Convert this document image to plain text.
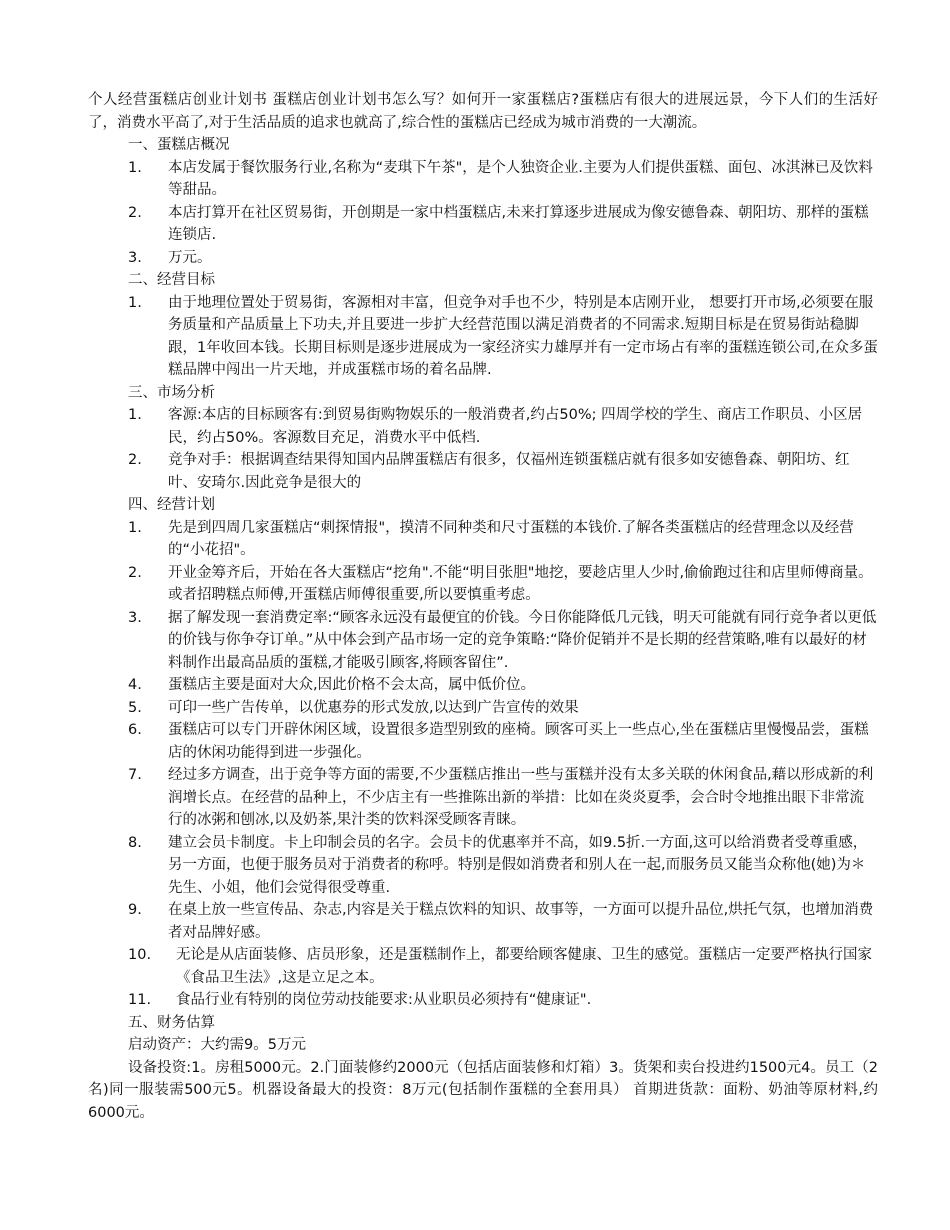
个人经营蛋糕店创业计划书 蛋糕店创业计划书怎么写？如何开一家蛋糕店?蛋糕店有很大的进展远景，今下人们的生活好了，消费水平高了,对于生活品质的追求也就高了,综合性的蛋糕店已经成为城市消费的一大潮流。

一、蛋糕店概况

1.	本店发属于餐饮服务行业,名称为“麦琪下午茶"，是个人独资企业.主要为人们提供蛋糕、面包、冰淇淋已及饮料等甜品。
2.	本店打算开在社区贸易街，开创期是一家中档蛋糕店,未来打算逐步进展成为像安德鲁森、朝阳坊、那样的蛋糕连锁店.
3.	万元。

二、经营目标

1.	由于地理位置处于贸易街，客源相对丰富，但竞争对手也不少，特别是本店刚开业， 想要打开市场,必须要在服务质量和产品质量上下功夫,并且要进一步扩大经营范围以满足消费者的不同需求.短期目标是在贸易街站稳脚跟，1年收回本钱。长期目标则是逐步进展成为一家经济实力雄厚并有一定市场占有率的蛋糕连锁公司,在众多蛋糕品牌中闯出一片天地，并成蛋糕市场的着名品牌.

三、市场分析

1.	客源:本店的目标顾客有:到贸易街购物娱乐的一般消费者,约占50%; 四周学校的学生、商店工作职员、小区居民，约占50%。客源数目充足，消费水平中低档.
2.	竞争对手：根据调查结果得知国内品牌蛋糕店有很多，仅福州连锁蛋糕店就有很多如安德鲁森、朝阳坊、红叶、安琦尔.因此竞争是很大的

四、经营计划

1.	先是到四周几家蛋糕店“刺探情报"，摸清不同种类和尺寸蛋糕的本钱价.了解各类蛋糕店的经营理念以及经营的“小花招"。
2.	开业金筹齐后，开始在各大蛋糕店“挖角".不能“明目张胆"地挖，要趁店里人少时,偷偷跑过往和店里师傅商量。或者招聘糕点师傅,开蛋糕店师傅很重要,所以要慎重考虑。
3.	据了解发现一套消费定率:“顾客永远没有最便宜的价钱。今日你能降低几元钱，明天可能就有同行竞争者以更低的价钱与你争夺订单。”从中体会到产品市场一定的竞争策略:“降价促销并不是长期的经营策略,唯有以最好的材料制作出最高品质的蛋糕,才能吸引顾客,将顾客留住”.
4.	蛋糕店主要是面对大众,因此价格不会太高，属中低价位。
5.	可印一些广告传单，以优惠券的形式发放,以达到广告宣传的效果
6.	蛋糕店可以专门开辟休闲区域，设置很多造型别致的座椅。顾客可买上一些点心,坐在蛋糕店里慢慢品尝，蛋糕店的休闲功能得到进一步强化。
7.	经过多方调查，出于竞争等方面的需要,不少蛋糕店推出一些与蛋糕并没有太多关联的休闲食品,藉以形成新的利润增长点。在经营的品种上，不少店主有一些推陈出新的举措：比如在炎炎夏季，会合时令地推出眼下非常流行的冰粥和刨冰,以及奶茶,果汁类的饮料深受顾客青睐。
8.	建立会员卡制度。卡上印制会员的名字。会员卡的优惠率并不高，如9.5折.一方面,这可以给消费者受尊重感，另一方面，也便于服务员对于消费者的称呼。特别是假如消费者和别人在一起,而服务员又能当众称他(她)为＊先生、小姐，他们会觉得很受尊重.
9.	在桌上放一些宣传品、杂志,内容是关于糕点饮料的知识、故事等，一方面可以提升品位,烘托气氛，也增加消费者对品牌好感。
10.	无论是从店面装修、店员形象，还是蛋糕制作上，都要给顾客健康、卫生的感觉。蛋糕店一定要严格执行国家《食品卫生法》,这是立足之本。
11.	食品行业有特别的岗位劳动技能要求:从业职员必须持有“健康证".

五、财务估算

启动资产：大约需9。5万元

设备投资:1。房租5000元。2.门面装修约2000元（包括店面装修和灯箱）3。货架和卖台投进约1500元4。员工（2名)同一服装需500元5。机器设备最大的投资：8万元(包括制作蛋糕的全套用具） 首期进货款：面粉、奶油等原材料,约6000元。
